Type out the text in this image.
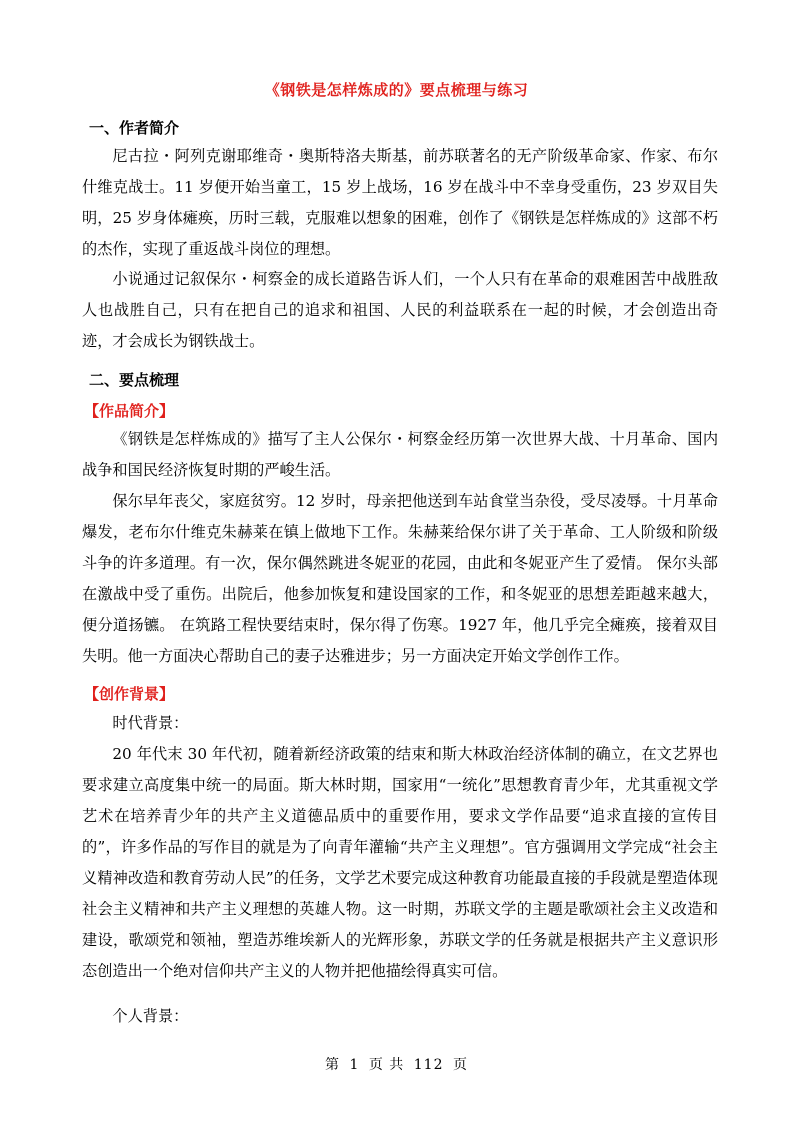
《钢铁是怎样炼成的》要点梳理与练习
一、作者简介

尼古拉・阿列克谢耶维奇・奥斯特洛夫斯基，前苏联著名的无产阶级革命家、作家、布尔什维克战士。11 岁便开始当童工，15 岁上战场，16 岁在战斗中不幸身受重伤，23 岁双目失明，25 岁身体瘫痪，历时三载，克服难以想象的困难，创作了《钢铁是怎样炼成的》这部不朽的杰作，实现了重返战斗岗位的理想。

小说通过记叙保尔・柯察金的成长道路告诉人们，一个人只有在革命的艰难困苦中战胜敌人也战胜自己，只有在把自己的追求和祖国、人民的利益联系在一起的时候，才会创造出奇迹，才会成长为钢铁战士。

二、要点梳理
【作品简介】

《钢铁是怎样炼成的》描写了主人公保尔・柯察金经历第一次世界大战、十月革命、国内战争和国民经济恢复时期的严峻生活。

保尔早年丧父，家庭贫穷。12 岁时，母亲把他送到车站食堂当杂役，受尽凌辱。十月革命爆发，老布尔什维克朱赫莱在镇上做地下工作。朱赫莱给保尔讲了关于革命、工人阶级和阶级斗争的许多道理。有一次，保尔偶然跳进冬妮亚的花园，由此和冬妮亚产生了爱情。 保尔头部在激战中受了重伤。出院后，他参加恢复和建设国家的工作，和冬妮亚的思想差距越来越大，便分道扬镳。 在筑路工程快要结束时，保尔得了伤寒。1927 年，他几乎完全瘫痪，接着双目失明。他一方面决心帮助自己的妻子达雅进步；另一方面决定开始文学创作工作。

【创作背景】

时代背景：

20 年代末 30 年代初，随着新经济政策的结束和斯大林政治经济体制的确立，在文艺界也要求建立高度集中统一的局面。斯大林时期，国家用“一统化”思想教育青少年，尤其重视文学艺术在培养青少年的共产主义道德品质中的重要作用，要求文学作品要“追求直接的宣传目的”，许多作品的写作目的就是为了向青年灌输“共产主义理想”。官方强调用文学完成“社会主义精神改造和教育劳动人民”的任务，文学艺术要完成这种教育功能最直接的手段就是塑造体现社会主义精神和共产主义理想的英雄人物。这一时期，苏联文学的主题是歌颂社会主义改造和建设，歌颂党和领袖，塑造苏维埃新人的光辉形象，苏联文学的任务就是根据共产主义意识形态创造出一个绝对信仰共产主义的人物并把他描绘得真实可信。

个人背景：

第 1 页 共 112 页
